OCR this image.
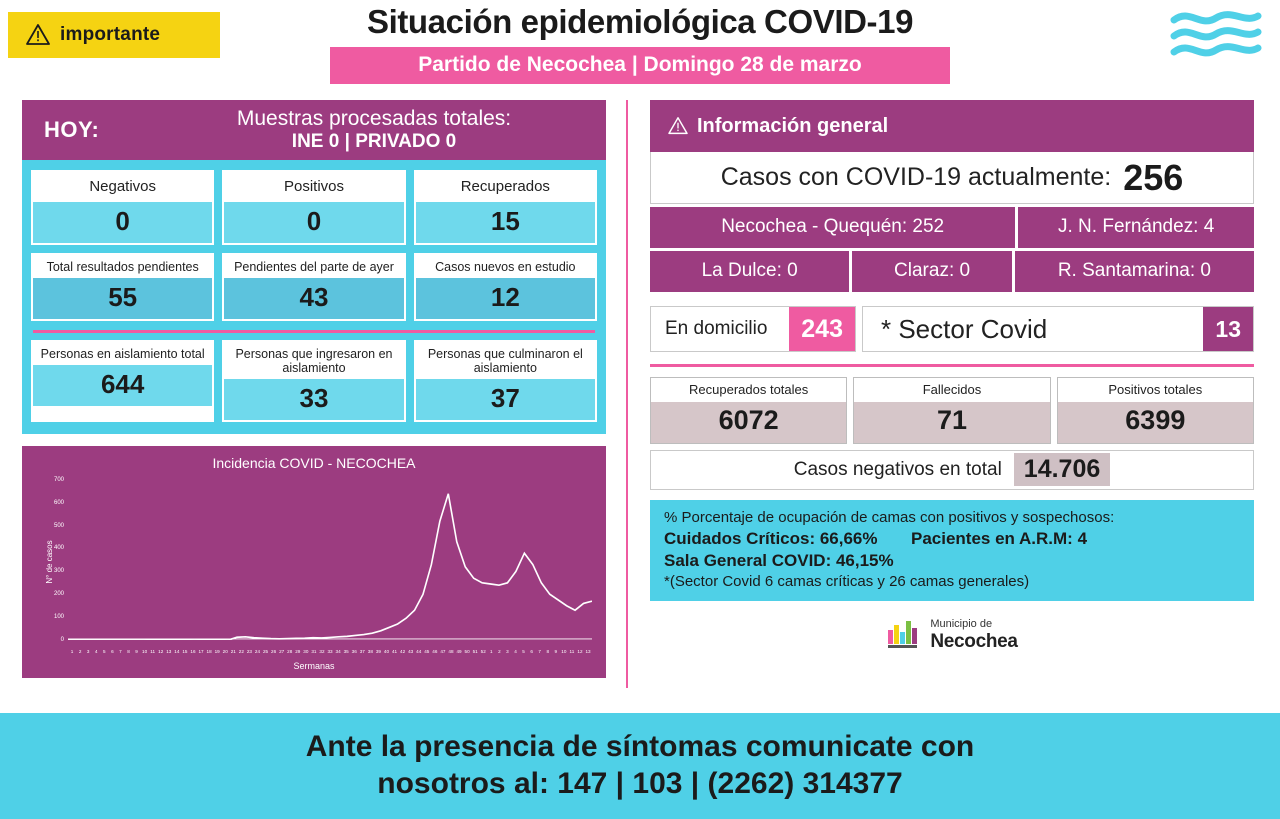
importante	Situación epidemiológica COVID-19
Partido de Necochea | Domingo 28 de marzo
HOY:	Muestras procesadas totales:
INE 0 | PRIVADO 0
Negativos
0
Positivos
0
Recuperados
15
Total resultados pendientes
55
Pendientes del parte de ayer
43
Casos nuevos en estudio
12
Personas en aislamiento total
644
Personas que ingresaron en aislamiento
33
Personas que culminaron el aislamiento
37
Incidencia COVID - NECOCHEA
N° de casos
700
600
500
400
300
200
100
0
1	2	3	4	5	6	7	8	9 10 11 12 13 14 15 16 17 18 19 20 21 22 23 24 25 26 27 28 29 30 31 32 33 34 35 36 37 38 39 40 41 42 43 44 45 46 47 48 49 50 51 52 1	2	3	4	5	6	7	8	9 10 11 12 13
Sermanas
Información general
Casos con COVID-19 actualmente: 256
Necochea - Quequén: 252	J. N. Fernández: 4
La Dulce: 0	Claraz: 0	R. Santamarina: 0
En domicilio	243	* Sector Covid	13
Recuperados totales
6072
Fallecidos
71
Positivos totales
6399
Casos negativos en total 14.706
% Porcentaje de ocupación de camas con positivos y sospechosos:
Cuidados Críticos: 66,66% Pacientes en A.R.M: 4
Sala General COVID: 46,15%
*(Sector Covid 6 camas críticas y 26 camas generales)
Municipio de
Necochea
Ante la presencia de síntomas comunicate con
nosotros al: 147 | 103 | (2262) 314377
